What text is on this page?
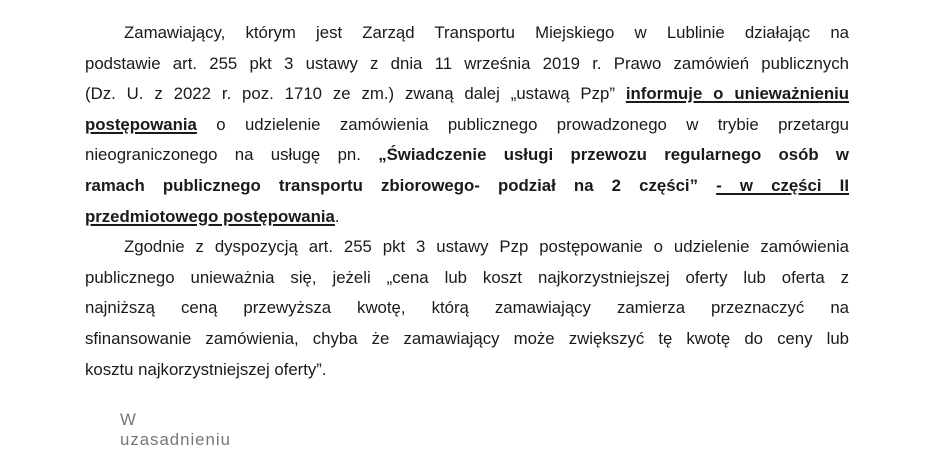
Zamawiający, którym jest Zarząd Transportu Miejskiego w Lublinie działając na
podstawie art. 255 pkt 3 ustawy z dnia 11 września 2019 r. Prawo zamówień publicznych
(Dz. U. z 2022 r. poz. 1710 ze zm.) zwaną dalej „ustawą Pzp” informuje o unieważnieniu
postępowania o udzielenie zamówienia publicznego prowadzonego w trybie przetargu
nieograniczonego na usługę pn. „Świadczenie usługi przewozu regularnego osób w
ramach publicznego transportu zbiorowego- podział na 2 części” - w części II
przedmiotowego postępowania.
Zgodnie z dyspozycją art. 255 pkt 3 ustawy Pzp postępowanie o udzielenie zamówienia
publicznego unieważnia się, jeżeli „cena lub koszt najkorzystniejszej oferty lub oferta z
najniższą ceną przewyższa kwotę, którą zamawiający zamierza przeznaczyć na
sfinansowanie zamówienia, chyba że zamawiający może zwiększyć tę kwotę do ceny lub
kosztu najkorzystniejszej oferty”.
W uzasadnieniu
